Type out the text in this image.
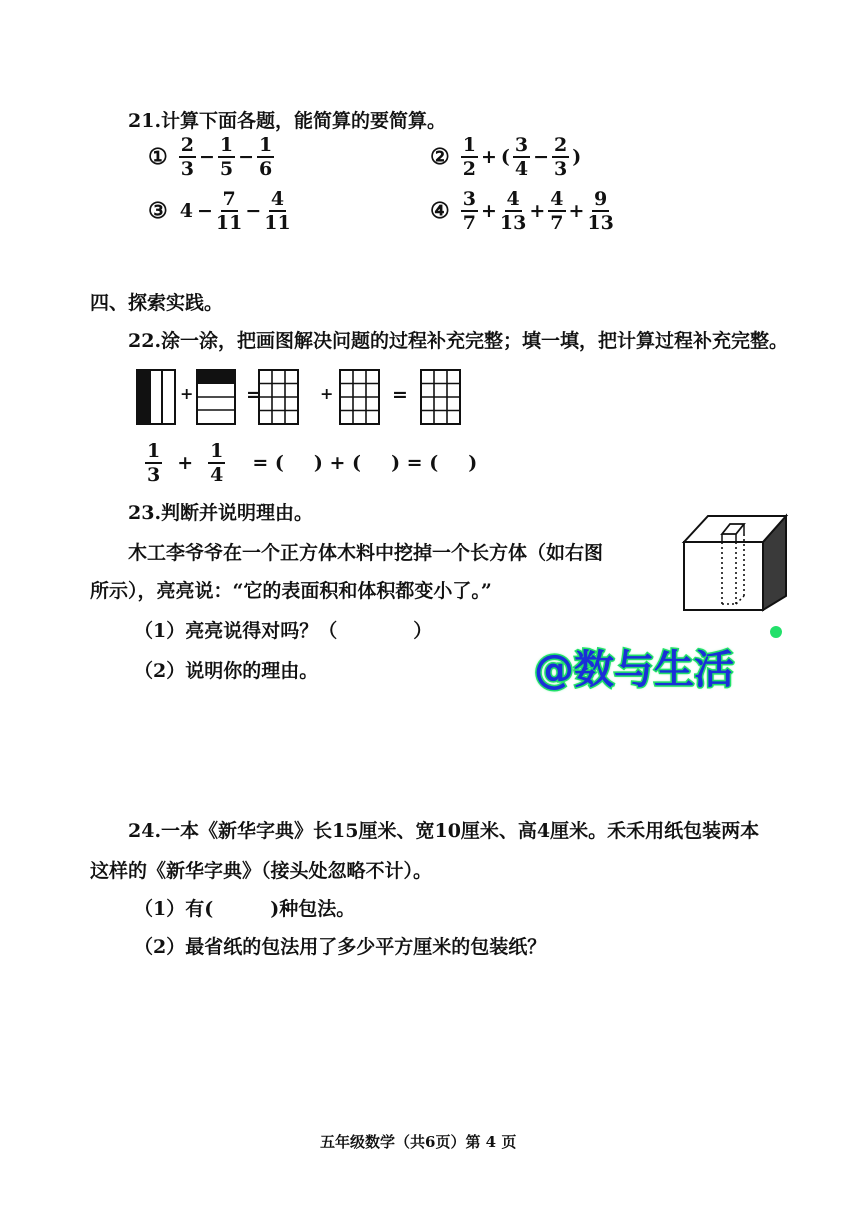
21.计算下面各题，能简算的要简算。
① $\frac{2}{3} - \frac{1}{5} - \frac{1}{6}$	② $\frac{1}{2}$ + ( $\frac{3}{4} - \frac{2}{3}$ )
③ $4 - \frac{7}{11} - \frac{4}{11}$	④ $\frac{3}{7} + \frac{4}{13} + \frac{4}{7} + \frac{9}{13}$
四、探索实践。
22.涂一涂，把画图解决问题的过程补充完整；填一填，把计算过程补充完整。
+	=	+	=
$\frac{1}{3} + \frac{1}{4}$ = ( ) + ( ) = ( )
23.判断并说明理由。
木工李爷爷在一个正方体木料中挖掉一个长方体（如右图
所示），亮亮说：“它的表面积和体积都变小了。”
（1）亮亮说得对吗？（　　　　）
（2）说明你的理由。	@数与生活
24.一本《新华字典》长15厘米、宽10厘米、高4厘米。禾禾用纸包装两本
这样的《新华字典》（接头处忽略不计）。
（1）有(　　　)种包法。
（2）最省纸的包法用了多少平方厘米的包装纸？
五年级数学（共6页）第 4 页
